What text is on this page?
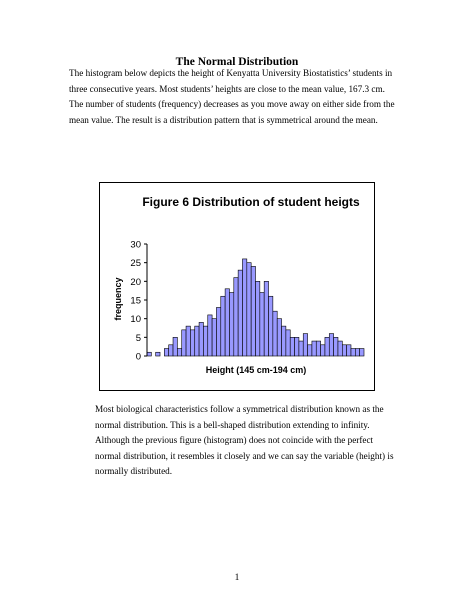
The Normal Distribution
The histogram below depicts the height of Kenyatta University Biostatistics’ students in
three consecutive years. Most students’ heights are close to the mean value, 167.3 cm.
The number of students (frequency) decreases as you move away on either side from the
mean value. The result is a distribution pattern that is symmetrical around the mean.
Figure 6 Distribution of student heigts
frequency
Height (145 cm-194 cm)
0
5
10
15
20
25
30
Most biological characteristics follow a symmetrical distribution known as the
normal distribution. This is a bell-shaped distribution extending to infinity.
Although the previous figure (histogram) does not coincide with the perfect
normal distribution, it resembles it closely and we can say the variable (height) is
normally distributed.
1
